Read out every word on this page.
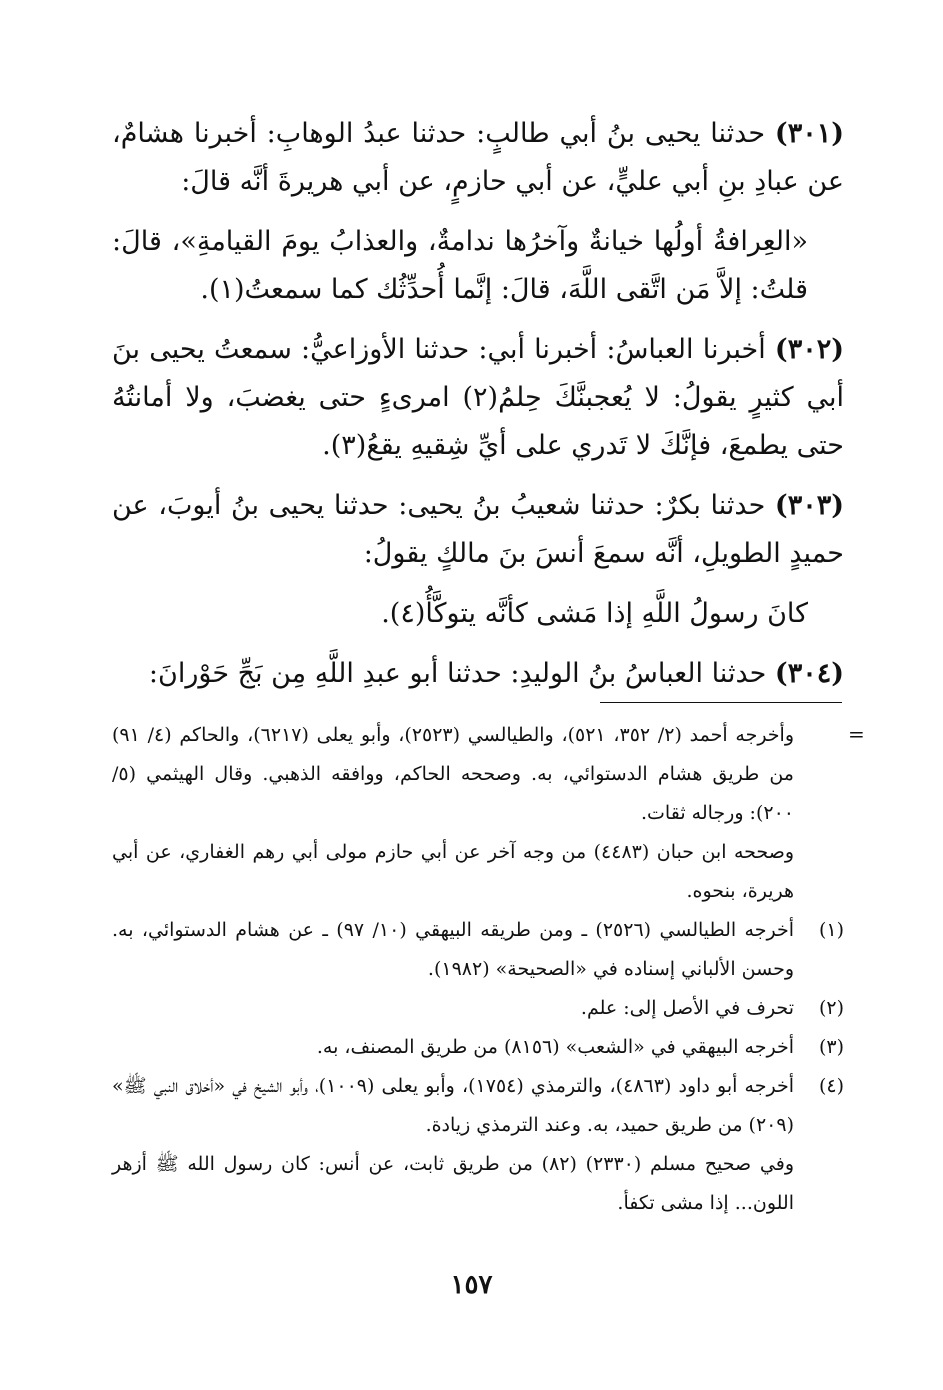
(٣٠١) حدثنا يحيى بنُ أبي طالبٍ: حدثنا عبدُ الوهابِ: أخبرنا هشامٌ، عن عبادِ بنِ أبي عليٍّ، عن أبي حازمٍ، عن أبي هريرةَ أنَّه قالَ:

«العِرافةُ أولُها خيانةٌ وآخرُها ندامةٌ، والعذابُ يومَ القيامةِ»، قالَ: قلتُ: إلاَّ مَن اتَّقى اللَّهَ، قالَ: إنَّما أُحدِّثُك كما سمعتُ(١).

(٣٠٢) أخبرنا العباسُ: أخبرنا أبي: حدثنا الأوزاعيُّ: سمعتُ يحيى بنَ أبي كثيرٍ يقولُ: لا يُعجبنَّكَ حِلمُ(٢) امرىءٍ حتى يغضبَ، ولا أمانتُهُ حتى يطمعَ، فإنَّكَ لا تَدري على أيِّ شِقيهِ يقعُ(٣).

(٣٠٣) حدثنا بكرٌ: حدثنا شعيبُ بنُ يحيى: حدثنا يحيى بنُ أيوبَ، عن حميدٍ الطويلِ، أنَّه سمعَ أنسَ بنَ مالكٍ يقولُ:

كانَ رسولُ اللَّهِ إذا مَشى كأنَّه يتوكَّأُ(٤).

(٣٠٤) حدثنا العباسُ بنُ الوليدِ: حدثنا أبو عبدِ اللَّهِ مِن بَجِّ حَوْرانَ:

=
وأخرجه أحمد (٢/ ٣٥٢، ٥٢١)، والطيالسي (٢٥٢٣)، وأبو يعلى (٦٢١٧)، والحاكم (٤/ ٩١) من طريق هشام الدستوائي، به. وصححه الحاكم، ووافقه الذهبي. وقال الهيثمي (٥/ ٢٠٠): ورجاله ثقات.
وصححه ابن حبان (٤٤٨٣) من وجه آخر عن أبي حازم مولى أبي رهم الغفاري، عن أبي هريرة، بنحوه.
(١)
أخرجه الطيالسي (٢٥٢٦) ـ ومن طريقه البيهقي (١٠/ ٩٧) ـ عن هشام الدستوائي، به. وحسن الألباني إسناده في «الصحيحة» (١٩٨٢).
(٢)
تحرف في الأصل إلى: علم.
(٣)
أخرجه البيهقي في «الشعب» (٨١٥٦) من طريق المصنف، به.
(٤)
أخرجه أبو داود (٤٨٦٣)، والترمذي (١٧٥٤)، وأبو يعلى (١٠٠٩)، وأبو الشيخ في «أخلاق النبي ﷺ» (٢٠٩) من طريق حميد، به. وعند الترمذي زيادة.
وفي صحيح مسلم (٢٣٣٠) (٨٢) من طريق ثابت، عن أنس: كان رسول الله ﷺ أزهر اللون... إذا مشى تكفأ.
١٥٧
